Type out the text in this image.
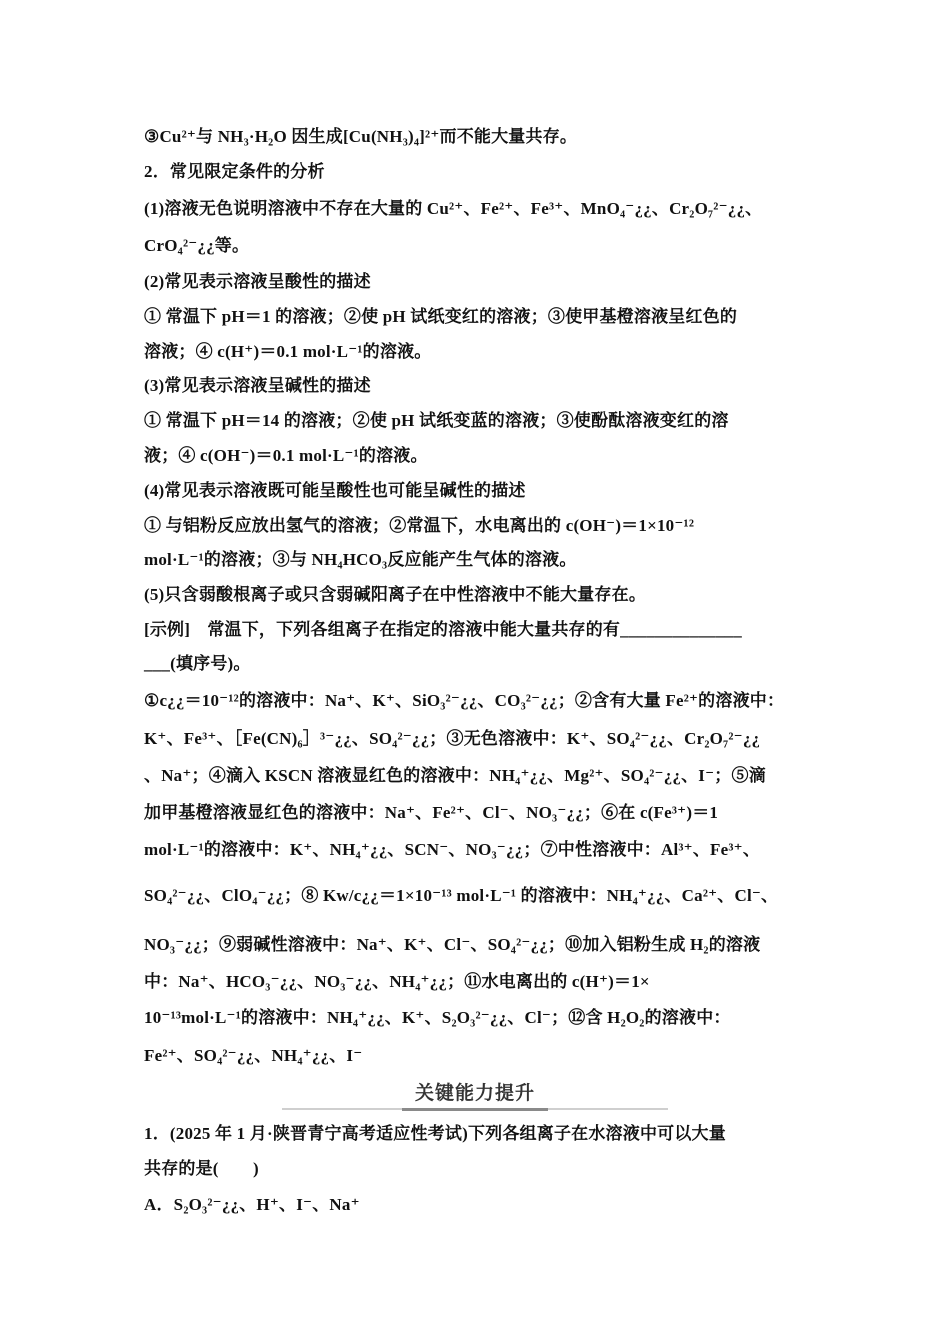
③Cu²⁺与 NH₃·H₂O 因生成[Cu(NH₃)₄]²⁺而不能大量共存。
2．常见限定条件的分析
(1)溶液无色说明溶液中不存在大量的 Cu²⁺、Fe²⁺、Fe³⁺、MnO₄⁻¿¿、Cr₂O₇²⁻¿¿、
CrO₄²⁻¿¿等。
(2)常见表示溶液呈酸性的描述
① 常温下 pH＝1 的溶液；②使 pH 试纸变红的溶液；③使甲基橙溶液呈红色的
溶液；④ c(H⁺)＝0.1 mol·L⁻¹的溶液。
(3)常见表示溶液呈碱性的描述
① 常温下 pH＝14 的溶液；②使 pH 试纸变蓝的溶液；③使酚酞溶液变红的溶
液；④ c(OH⁻)＝0.1 mol·L⁻¹的溶液。
(4)常见表示溶液既可能呈酸性也可能呈碱性的描述
① 与铝粉反应放出氢气的溶液；②常温下，水电离出的 c(OH⁻)＝1×10⁻¹²
mol·L⁻¹的溶液；③与 NH₄HCO₃反应能产生气体的溶液。
(5)只含弱酸根离子或只含弱碱阳离子在中性溶液中不能大量存在。
[示例]　常温下，下列各组离子在指定的溶液中能大量共存的有______________
___(填序号)。
①c¿¿＝10⁻¹²的溶液中：Na⁺、K⁺、SiO₃²⁻¿¿、CO₃²⁻¿¿；②含有大量 Fe²⁺的溶液中：
K⁺、Fe³⁺、［Fe(CN)₆］³⁻¿¿、SO₄²⁻¿¿；③无色溶液中：K⁺、SO₄²⁻¿¿、Cr₂O₇²⁻¿¿
、Na⁺；④滴入 KSCN 溶液显红色的溶液中：NH₄⁺¿¿、Mg²⁺、SO₄²⁻¿¿、I⁻；⑤滴
加甲基橙溶液显红色的溶液中：Na⁺、Fe²⁺、Cl⁻、NO₃⁻¿¿；⑥在 c(Fe³⁺)＝1
mol·L⁻¹的溶液中：K⁺、NH₄⁺¿¿、SCN⁻、NO₃⁻¿¿；⑦中性溶液中：Al³⁺、Fe³⁺、
SO₄²⁻¿¿、ClO₄⁻¿¿；⑧ Kw/c¿¿＝1×10⁻¹³ mol·L⁻¹ 的溶液中：NH₄⁺¿¿、Ca²⁺、Cl⁻、
NO₃⁻¿¿；⑨弱碱性溶液中：Na⁺、K⁺、Cl⁻、SO₄²⁻¿¿；⑩加入铝粉生成 H₂的溶液
中：Na⁺、HCO₃⁻¿¿、NO₃⁻¿¿、NH₄⁺¿¿；⑪水电离出的 c(H⁺)＝1×
10⁻¹³mol·L⁻¹的溶液中：NH₄⁺¿¿、K⁺、S₂O₃²⁻¿¿、Cl⁻；⑫含 H₂O₂的溶液中：
Fe²⁺、SO₄²⁻¿¿、NH₄⁺¿¿、I⁻
关键能力提升
1．(2025 年 1 月·陕晋青宁高考适应性考试)下列各组离子在水溶液中可以大量
共存的是(　　)
A．S₂O₃²⁻¿¿、H⁺、I⁻、Na⁺
